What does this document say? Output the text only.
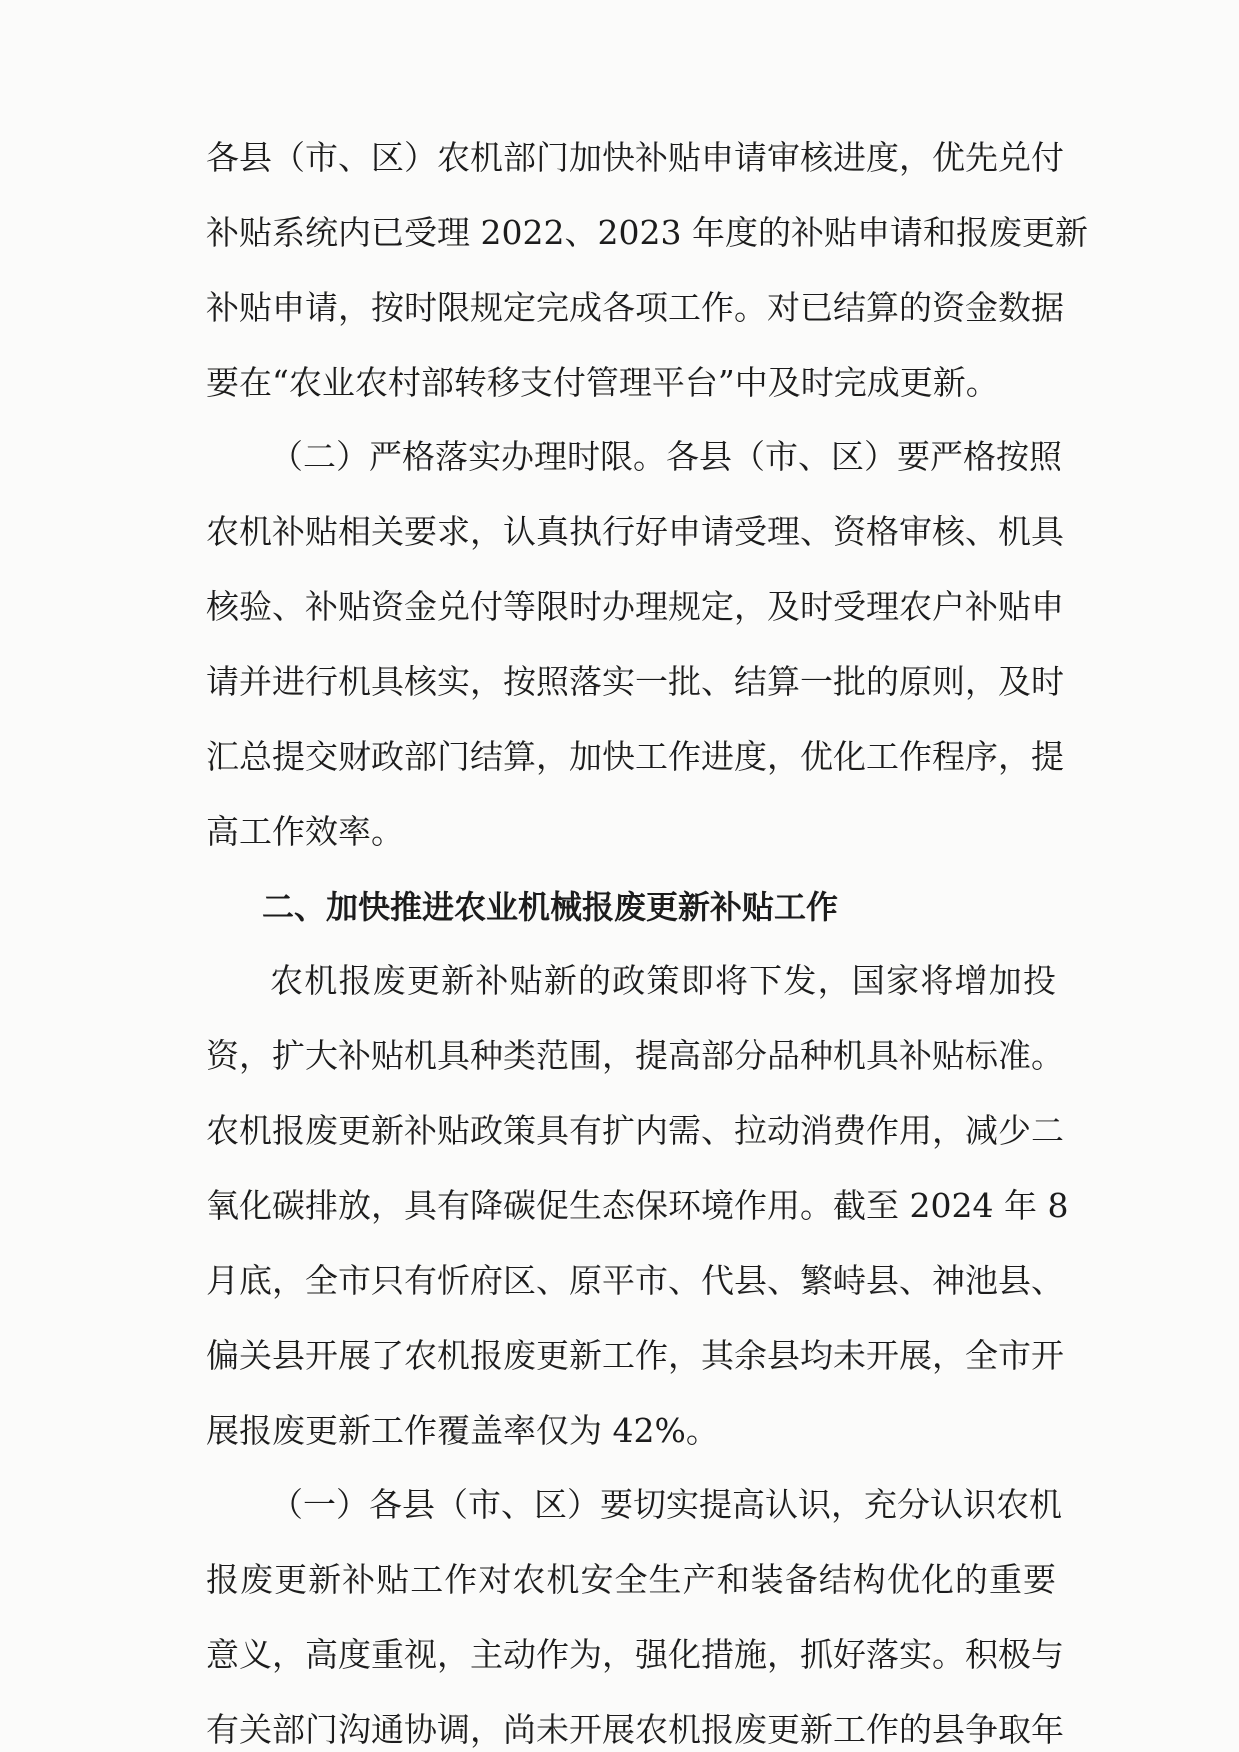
各县（市、区）农机部门加快补贴申请审核进度，优先兑付
补贴系统内已受理 2022、2023 年度的补贴申请和报废更新
补贴申请，按时限规定完成各项工作。对已结算的资金数据
要在“农业农村部转移支付管理平台”中及时完成更新。
（二）严格落实办理时限。各县（市、区）要严格按照
农机补贴相关要求，认真执行好申请受理、资格审核、机具
核验、补贴资金兑付等限时办理规定，及时受理农户补贴申
请并进行机具核实，按照落实一批、结算一批的原则，及时
汇总提交财政部门结算，加快工作进度，优化工作程序，提
高工作效率。
二、加快推进农业机械报废更新补贴工作
农机报废更新补贴新的政策即将下发，国家将增加投
资，扩大补贴机具种类范围，提高部分品种机具补贴标准。
农机报废更新补贴政策具有扩内需、拉动消费作用，减少二
氧化碳排放，具有降碳促生态保环境作用。截至 2024 年 8
月底，全市只有忻府区、原平市、代县、繁峙县、神池县、
偏关县开展了农机报废更新工作，其余县均未开展，全市开
展报废更新工作覆盖率仅为 42%。
（一）各县（市、区）要切实提高认识，充分认识农机
报废更新补贴工作对农机安全生产和装备结构优化的重要
意义，高度重视，主动作为，强化措施，抓好落实。积极与
有关部门沟通协调，尚未开展农机报废更新工作的县争取年
